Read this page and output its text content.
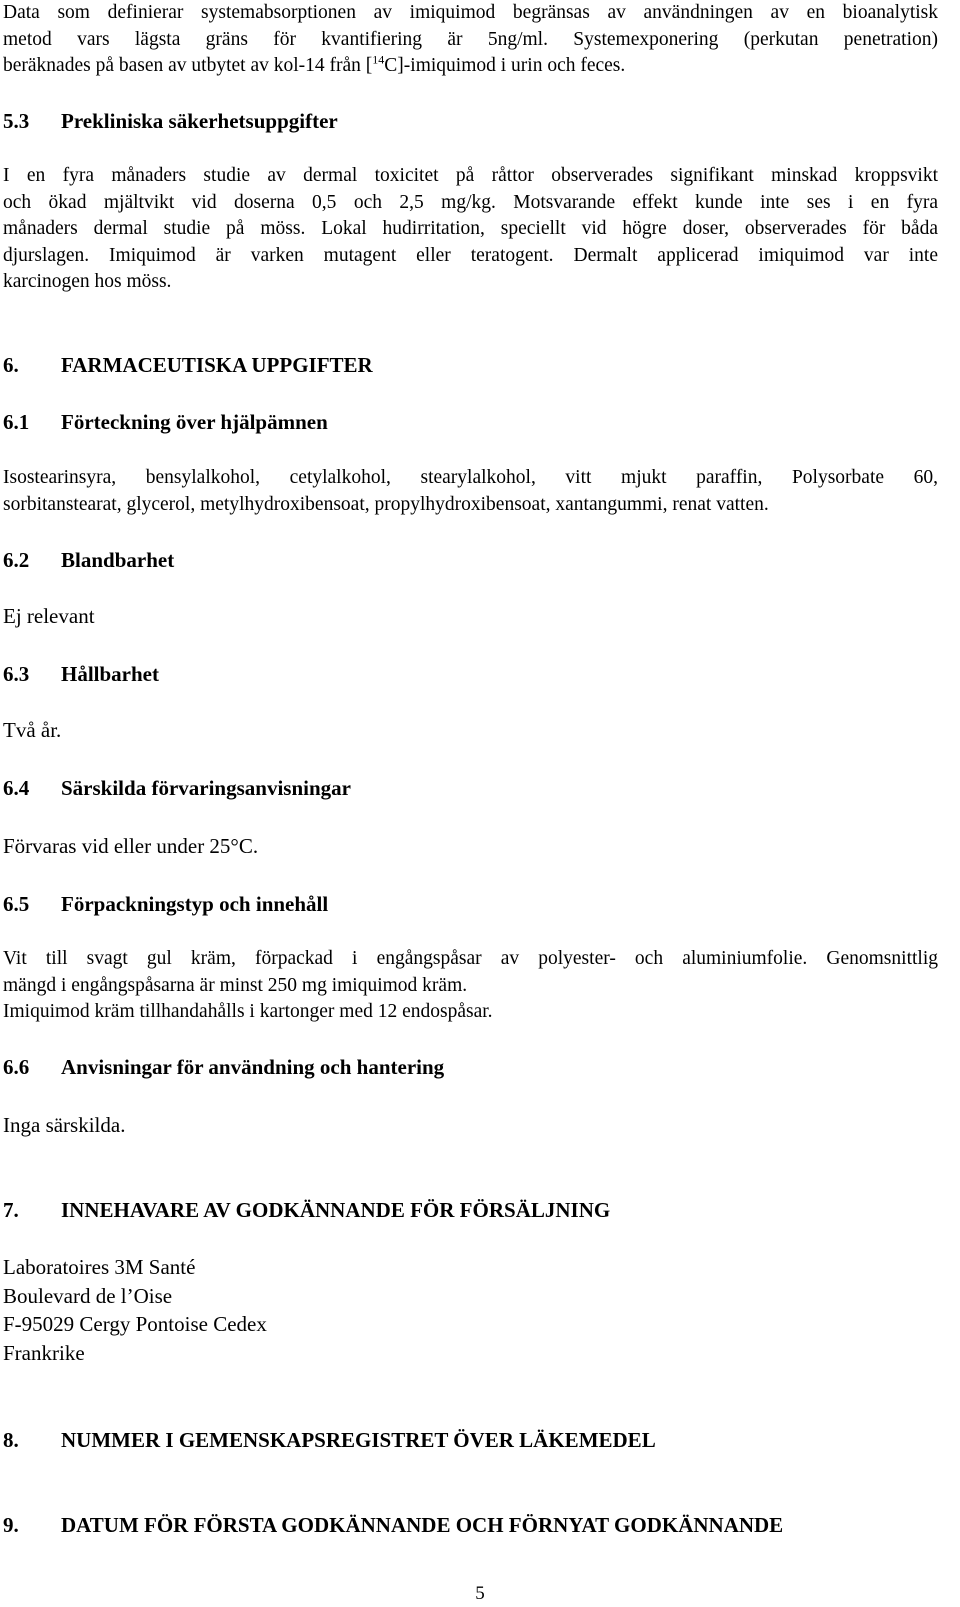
Data som definierar systemabsorptionen av imiquimod begränsas av användningen av en bioanalytisk
metod vars lägsta gräns för kvantifiering är 5ng/ml. Systemexponering (perkutan penetration)
beräknades på basen av utbytet av kol-14 från [$^{14}$C]-imiquimod i urin och feces.
5.3 Prekliniska säkerhetsuppgifter
I en fyra månaders studie av dermal toxicitet på råttor observerades signifikant minskad kroppsvikt
och ökad mjältvikt vid doserna 0,5 och 2,5 mg/kg. Motsvarande effekt kunde inte ses i en fyra
månaders dermal studie på möss. Lokal hudirritation, speciellt vid högre doser, observerades för båda
djurslagen. Imiquimod är varken mutagent eller teratogent. Dermalt applicerad imiquimod var inte
karcinogen hos möss.
6. FARMACEUTISKA UPPGIFTER
6.1 Förteckning över hjälpämnen
Isostearinsyra, bensylalkohol, cetylalkohol, stearylalkohol, vitt mjukt paraffin, Polysorbate 60,
sorbitanstearat, glycerol, metylhydroxibensoat, propylhydroxibensoat, xantangummi, renat vatten.
6.2 Blandbarhet
Ej relevant
6.3 Hållbarhet
Två år.
6.4 Särskilda förvaringsanvisningar
Förvaras vid eller under 25°C.
6.5 Förpackningstyp och innehåll
Vit till svagt gul kräm, förpackad i engångspåsar av polyester- och aluminiumfolie. Genomsnittlig
mängd i engångspåsarna är minst 250 mg imiquimod kräm.
Imiquimod kräm tillhandahålls i kartonger med 12 endospåsar.
6.6 Anvisningar för användning och hantering
Inga särskilda.
7. INNEHAVARE AV GODKÄNNANDE FÖR FÖRSÄLJNING
Laboratoires 3M Santé
Boulevard de l’Oise
F-95029 Cergy Pontoise Cedex
Frankrike
8. NUMMER I GEMENSKAPSREGISTRET ÖVER LÄKEMEDEL
9. DATUM FÖR FÖRSTA GODKÄNNANDE OCH FÖRNYAT GODKÄNNANDE
5
